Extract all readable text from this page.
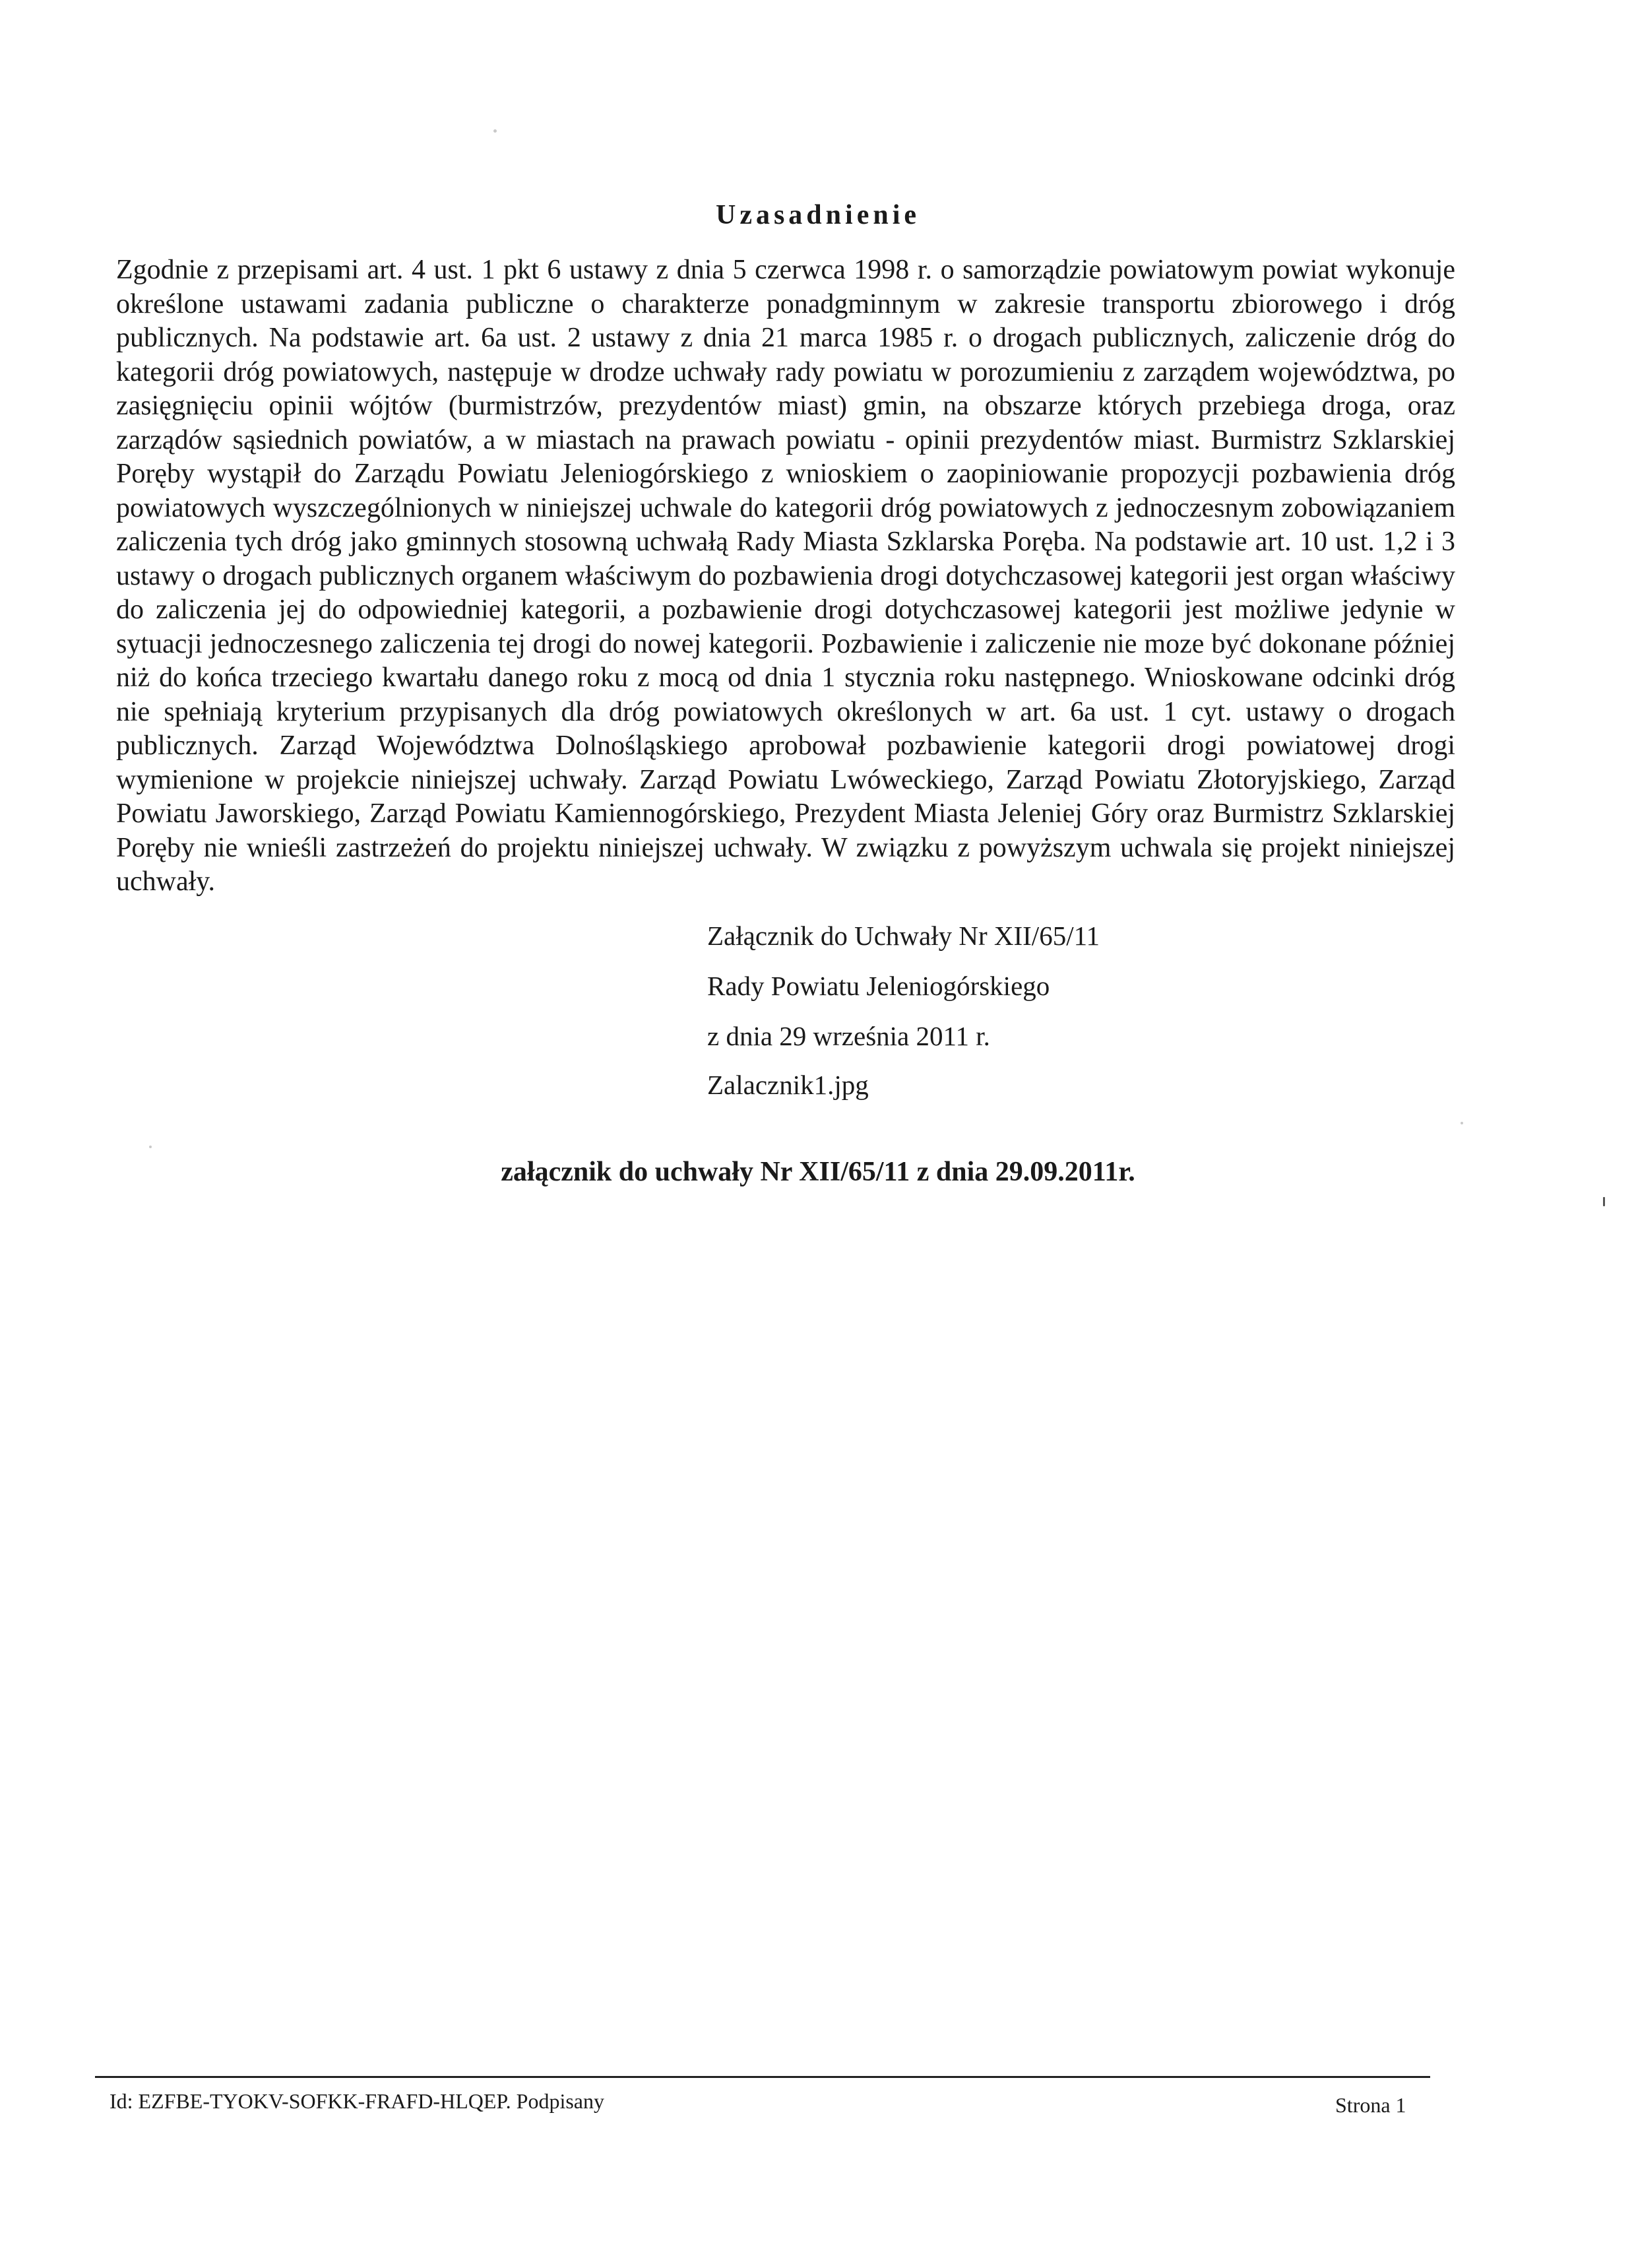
Uzasadnienie
Zgodnie z przepisami art. 4 ust. 1 pkt 6 ustawy z dnia 5 czerwca 1998 r. o samorządzie powiatowym powiat wykonuje określone ustawami zadania publiczne o charakterze ponadgminnym w zakresie transportu zbiorowego i dróg publicznych. Na podstawie art. 6a ust. 2 ustawy z dnia 21 marca 1985 r. o drogach publicznych, zaliczenie dróg do kategorii dróg powiatowych, następuje w drodze uchwały rady powiatu w porozumieniu z zarządem województwa, po zasięgnięciu opinii wójtów (burmistrzów, prezydentów miast) gmin, na obszarze których przebiega droga, oraz zarządów sąsiednich powiatów, a w miastach na prawach powiatu - opinii prezydentów miast. Burmistrz Szklarskiej Poręby wystąpił do Zarządu Powiatu Jeleniogórskiego z wnioskiem o zaopiniowanie propozycji pozbawienia dróg powiatowych wyszczególnionych w niniejszej uchwale do kategorii dróg powiatowych z jednoczesnym zobowiązaniem zaliczenia tych dróg jako gminnych stosowną uchwałą Rady Miasta Szklarska Poręba. Na podstawie art. 10 ust. 1,2 i 3 ustawy o drogach publicznych organem właściwym do pozbawienia drogi dotychczasowej kategorii jest organ właściwy do zaliczenia jej do odpowiedniej kategorii, a pozbawienie drogi dotychczasowej kategorii jest możliwe jedynie w sytuacji jednoczesnego zaliczenia tej drogi do nowej kategorii. Pozbawienie i zaliczenie nie moze być dokonane później niż do końca trzeciego kwartału danego roku z mocą od dnia 1 stycznia roku następnego. Wnioskowane odcinki dróg nie spełniają kryterium przypisanych dla dróg powiatowych określonych w art. 6a ust. 1 cyt. ustawy o drogach publicznych. Zarząd Województwa Dolnośląskiego aprobował pozbawienie kategorii drogi powiatowej drogi wymienione w projekcie niniejszej uchwały. Zarząd Powiatu Lwóweckiego, Zarząd Powiatu Złotoryjskiego, Zarząd Powiatu Jaworskiego, Zarząd Powiatu Kamiennogórskiego, Prezydent Miasta Jeleniej Góry oraz Burmistrz Szklarskiej Poręby nie wnieśli zastrzeżeń do projektu niniejszej uchwały. W związku z powyższym uchwala się projekt niniejszej uchwały.
Załącznik do Uchwały Nr XII/65/11
Rady Powiatu Jeleniogórskiego
z dnia 29 września 2011 r.
Zalacznik1.jpg
załącznik do uchwały Nr XII/65/11 z dnia 29.09.2011r.
Id: EZFBE-TYOKV-SOFKK-FRAFD-HLQEP. Podpisany	Strona 1
